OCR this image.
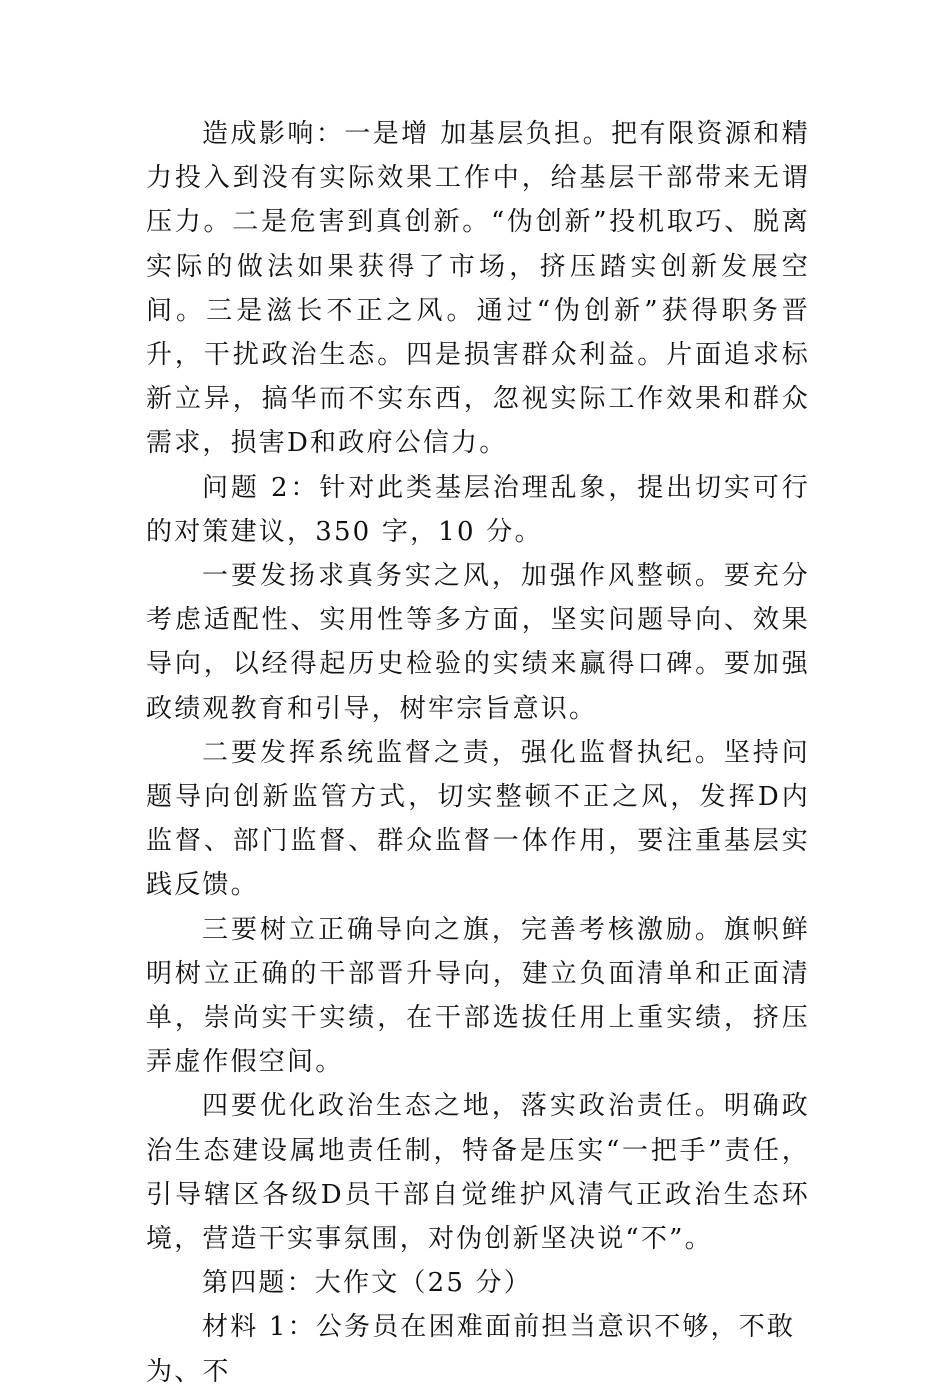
造成影响：一是增 加基层负担。把有限资源和精力投入到没有实际效果工作中，给基层干部带来无谓压力。二是危害到真创新。“伪创新”投机取巧、脱离实际的做法如果获得了市场，挤压踏实创新发展空间。三是滋长不正之风。通过“伪创新”获得职务晋升，干扰政治生态。四是损害群众利益。片面追求标新立异，搞华而不实东西，忽视实际工作效果和群众需求，损害D和政府公信力。

问题 2：针对此类基层治理乱象，提出切实可行的对策建议，350 字，10 分。

一要发扬求真务实之风，加强作风整顿。要充分考虑适配性、实用性等多方面，坚实问题导向、效果导向，以经得起历史检验的实绩来赢得口碑。要加强政绩观教育和引导，树牢宗旨意识。

二要发挥系统监督之责，强化监督执纪。坚持问题导向创新监管方式，切实整顿不正之风，发挥D内监督、部门监督、群众监督一体作用，要注重基层实践反馈。

三要树立正确导向之旗，完善考核激励。旗帜鲜明树立正确的干部晋升导向，建立负面清单和正面清单，崇尚实干实绩，在干部选拔任用上重实绩，挤压弄虚作假空间。

四要优化政治生态之地，落实政治责任。明确政治生态建设属地责任制，特备是压实“一把手”责任，引导辖区各级D员干部自觉维护风清气正政治生态环境，营造干实事氛围，对伪创新坚决说“不”。

第四题：大作文（25 分）

材料 1：公务员在困难面前担当意识不够，不敢为、不
